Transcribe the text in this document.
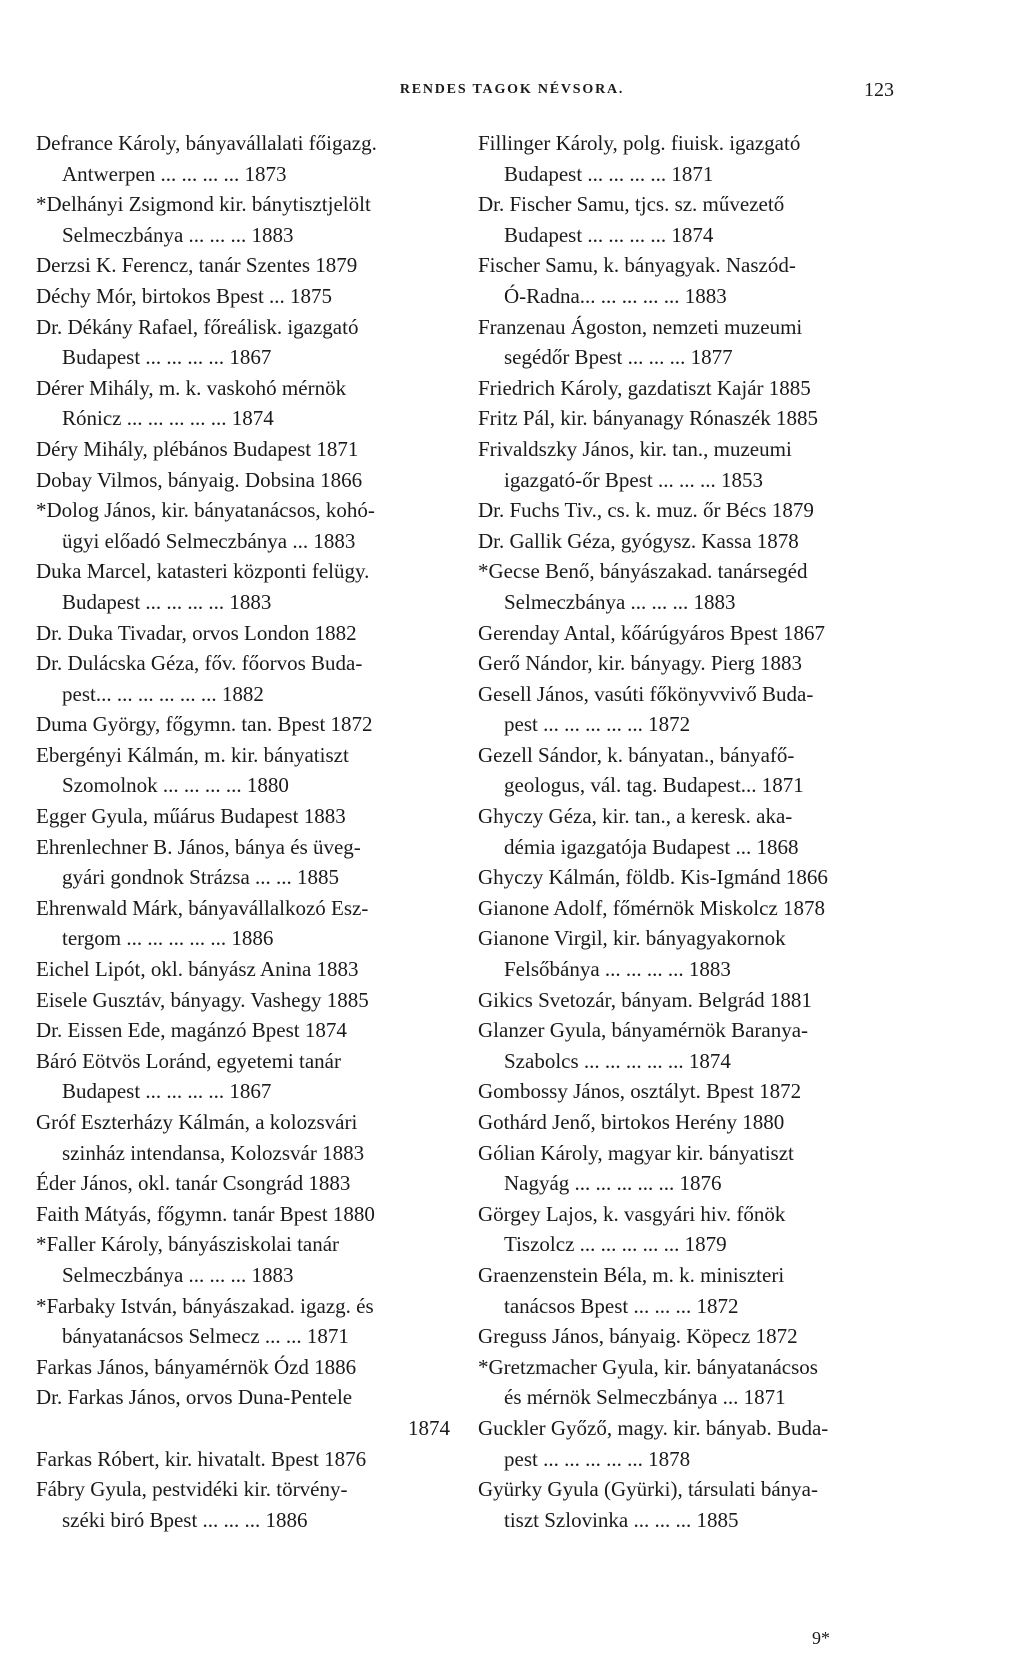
RENDES TAGOK NÉVSORA.	123
Defrance Károly, bányavállalati főigazg.
Antwerpen ... ... ... ... 1873
*Delhányi Zsigmond kir. bánytisztjelölt
Selmeczbánya ... ... ... 1883
Derzsi K. Ferencz, tanár Szentes 1879
Déchy Mór, birtokos Bpest ... 1875
Dr. Dékány Rafael, főreálisk. igazgató
Budapest ... ... ... ... 1867
Dérer Mihály, m. k. vaskohó mérnök
Rónicz ... ... ... ... ... 1874
Déry Mihály, plébános Budapest 1871
Dobay Vilmos, bányaig. Dobsina 1866
*Dolog János, kir. bányatanácsos, kohó-
ügyi előadó Selmeczbánya ... 1883
Duka Marcel, katasteri központi felügy.
Budapest ... ... ... ... 1883
Dr. Duka Tivadar, orvos London 1882
Dr. Dulácska Géza, főv. főorvos Buda-
pest... ... ... ... ... ... 1882
Duma György, főgymn. tan. Bpest 1872
Ebergényi Kálmán, m. kir. bányatiszt
Szomolnok ... ... ... ... 1880
Egger Gyula, műárus Budapest 1883
Ehrenlechner B. János, bánya és üveg-
gyári gondnok Strázsa ... ... 1885
Ehrenwald Márk, bányavállalkozó Esz-
tergom ... ... ... ... ... 1886
Eichel Lipót, okl. bányász Anina 1883
Eisele Gusztáv, bányagy. Vashegy 1885
Dr. Eissen Ede, magánzó Bpest 1874
Báró Eötvös Loránd, egyetemi tanár
Budapest ... ... ... ... 1867
Gróf Eszterházy Kálmán, a kolozsvári
szinház intendansa, Kolozsvár 1883
Éder János, okl. tanár Csongrád 1883
Faith Mátyás, főgymn. tanár Bpest 1880
*Faller Károly, bányásziskolai tanár
Selmeczbánya ... ... ... 1883
*Farbaky István, bányászakad. igazg. és
bányatanácsos Selmecz ... ... 1871
Farkas János, bányamérnök Ózd 1886
Dr. Farkas János, orvos Duna-Pentele
1874
Farkas Róbert, kir. hivatalt. Bpest 1876
Fábry Gyula, pestvidéki kir. törvény-
széki biró Bpest ... ... ... 1886
Fillinger Károly, polg. fiuisk. igazgató
Budapest ... ... ... ... 1871
Dr. Fischer Samu, tjcs. sz. művezető
Budapest ... ... ... ... 1874
Fischer Samu, k. bányagyak. Naszód-
Ó-Radna... ... ... ... ... 1883
Franzenau Ágoston, nemzeti muzeumi
segédőr Bpest ... ... ... 1877
Friedrich Károly, gazdatiszt Kajár 1885
Fritz Pál, kir. bányanagy Rónaszék 1885
Frivaldszky János, kir. tan., muzeumi
igazgató-őr Bpest ... ... ... 1853
Dr. Fuchs Tiv., cs. k. muz. őr Bécs 1879
Dr. Gallik Géza, gyógysz. Kassa 1878
*Gecse Benő, bányászakad. tanársegéd
Selmeczbánya ... ... ... 1883
Gerenday Antal, kőárúgyáros Bpest 1867
Gerő Nándor, kir. bányagy. Pierg 1883
Gesell János, vasúti főkönyvvivő Buda-
pest ... ... ... ... ... 1872
Gezell Sándor, k. bányatan., bányafő-
geologus, vál. tag. Budapest... 1871
Ghyczy Géza, kir. tan., a keresk. aka-
démia igazgatója Budapest ... 1868
Ghyczy Kálmán, földb. Kis-Igmánd 1866
Gianone Adolf, főmérnök Miskolcz 1878
Gianone Virgil, kir. bányagyakornok
Felsőbánya ... ... ... ... 1883
Gikics Svetozár, bányam. Belgrád 1881
Glanzer Gyula, bányamérnök Baranya-
Szabolcs ... ... ... ... ... 1874
Gombossy János, osztályt. Bpest 1872
Gothárd Jenő, birtokos Herény 1880
Gólian Károly, magyar kir. bányatiszt
Nagyág ... ... ... ... ... 1876
Görgey Lajos, k. vasgyári hiv. főnök
Tiszolcz ... ... ... ... ... 1879
Graenzenstein Béla, m. k. miniszteri
tanácsos Bpest ... ... ... 1872
Greguss János, bányaig. Köpecz 1872
*Gretzmacher Gyula, kir. bányatanácsos
és mérnök Selmeczbánya ... 1871
Guckler Győző, magy. kir. bányab. Buda-
pest ... ... ... ... ... 1878
Gyürky Gyula (Gyürki), társulati bánya-
tiszt Szlovinka ... ... ... 1885
9*
